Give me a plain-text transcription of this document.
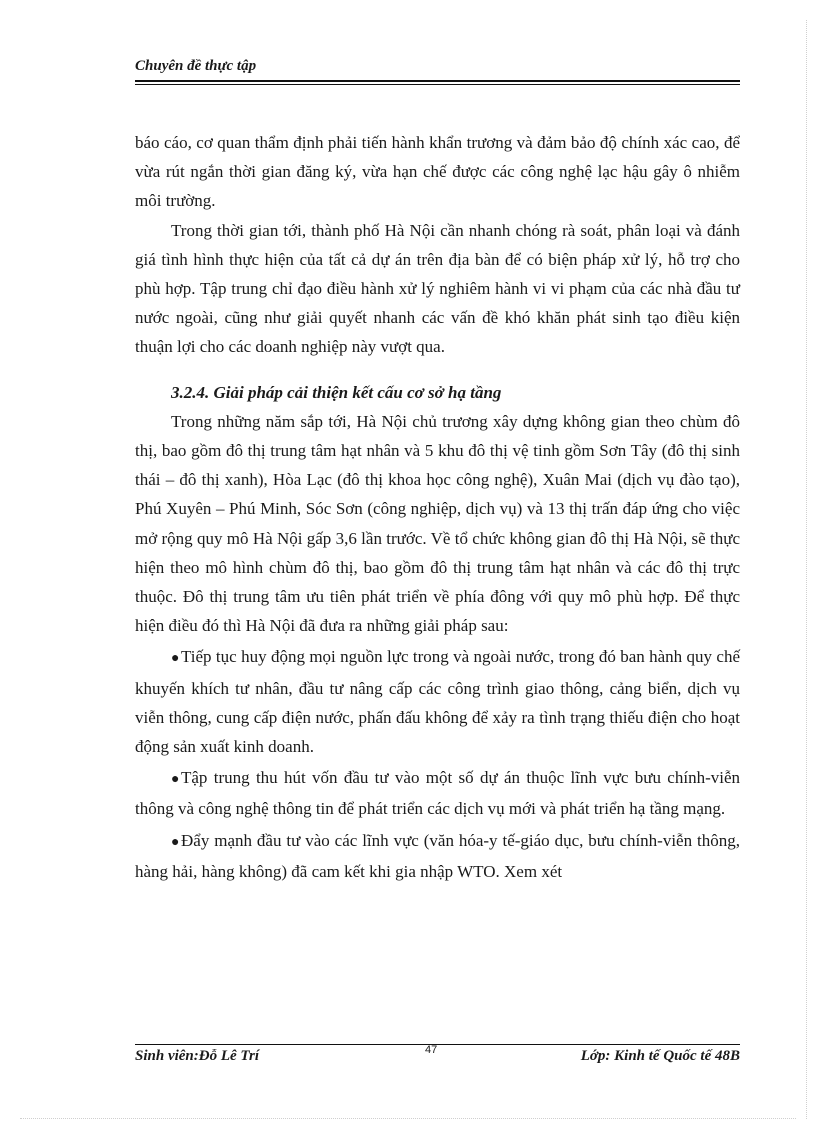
Chuyên đề thực tập

báo cáo, cơ quan thẩm định phải tiến hành khẩn trương và đảm bảo độ chính xác cao, để vừa rút ngắn thời gian đăng ký, vừa hạn chế được các công nghệ lạc hậu gây ô nhiễm môi trường.

Trong thời gian tới, thành phố Hà Nội cần nhanh chóng rà soát, phân loại và đánh giá tình hình thực hiện của tất cả dự án trên địa bàn để có biện pháp xử lý, hỗ trợ cho phù hợp. Tập trung chỉ đạo điều hành xử lý nghiêm hành vi vi phạm của các nhà đầu tư nước ngoài, cũng như giải quyết nhanh các vấn đề khó khăn phát sinh tạo điều kiện thuận lợi cho các doanh nghiệp này vượt qua.

3.2.4. Giải pháp cải thiện kết cấu cơ sở hạ tầng

Trong những năm sắp tới, Hà Nội chủ trương xây dựng không gian theo chùm đô thị, bao gồm đô thị trung tâm hạt nhân và 5 khu đô thị vệ tinh gồm Sơn Tây (đô thị sinh thái – đô thị xanh), Hòa Lạc (đô thị khoa học công nghệ), Xuân Mai (dịch vụ đào tạo), Phú Xuyên – Phú Minh, Sóc Sơn (công nghiệp, dịch vụ) và 13 thị trấn đáp ứng cho việc mở rộng quy mô Hà Nội gấp 3,6 lần trước. Về tổ chức không gian đô thị Hà Nội, sẽ thực hiện theo mô hình chùm đô thị, bao gồm đô thị trung tâm hạt nhân và các đô thị trực thuộc. Đô thị trung tâm ưu tiên phát triển về phía đông với quy mô phù hợp. Để thực hiện điều đó thì Hà Nội đã đưa ra những giải pháp sau:

●Tiếp tục huy động mọi nguồn lực trong và ngoài nước, trong đó ban hành quy chế khuyến khích tư nhân, đầu tư nâng cấp các công trình giao thông, cảng biển, dịch vụ viễn thông, cung cấp điện nước, phấn đấu không để xảy ra tình trạng thiếu điện cho hoạt động sản xuất kinh doanh.

●Tập trung thu hút vốn đầu tư vào một số dự án thuộc lĩnh vực bưu chính-viễn thông và công nghệ thông tin để phát triển các dịch vụ mới và phát triển hạ tầng mạng.

●Đẩy mạnh đầu tư vào các lĩnh vực (văn hóa-y tế-giáo dục, bưu chính-viễn thông, hàng hải, hàng không) đã cam kết khi gia nhập WTO. Xem xét

Sinh viên:Đỗ Lê Trí	47	Lớp: Kinh tế Quốc tế 48B
